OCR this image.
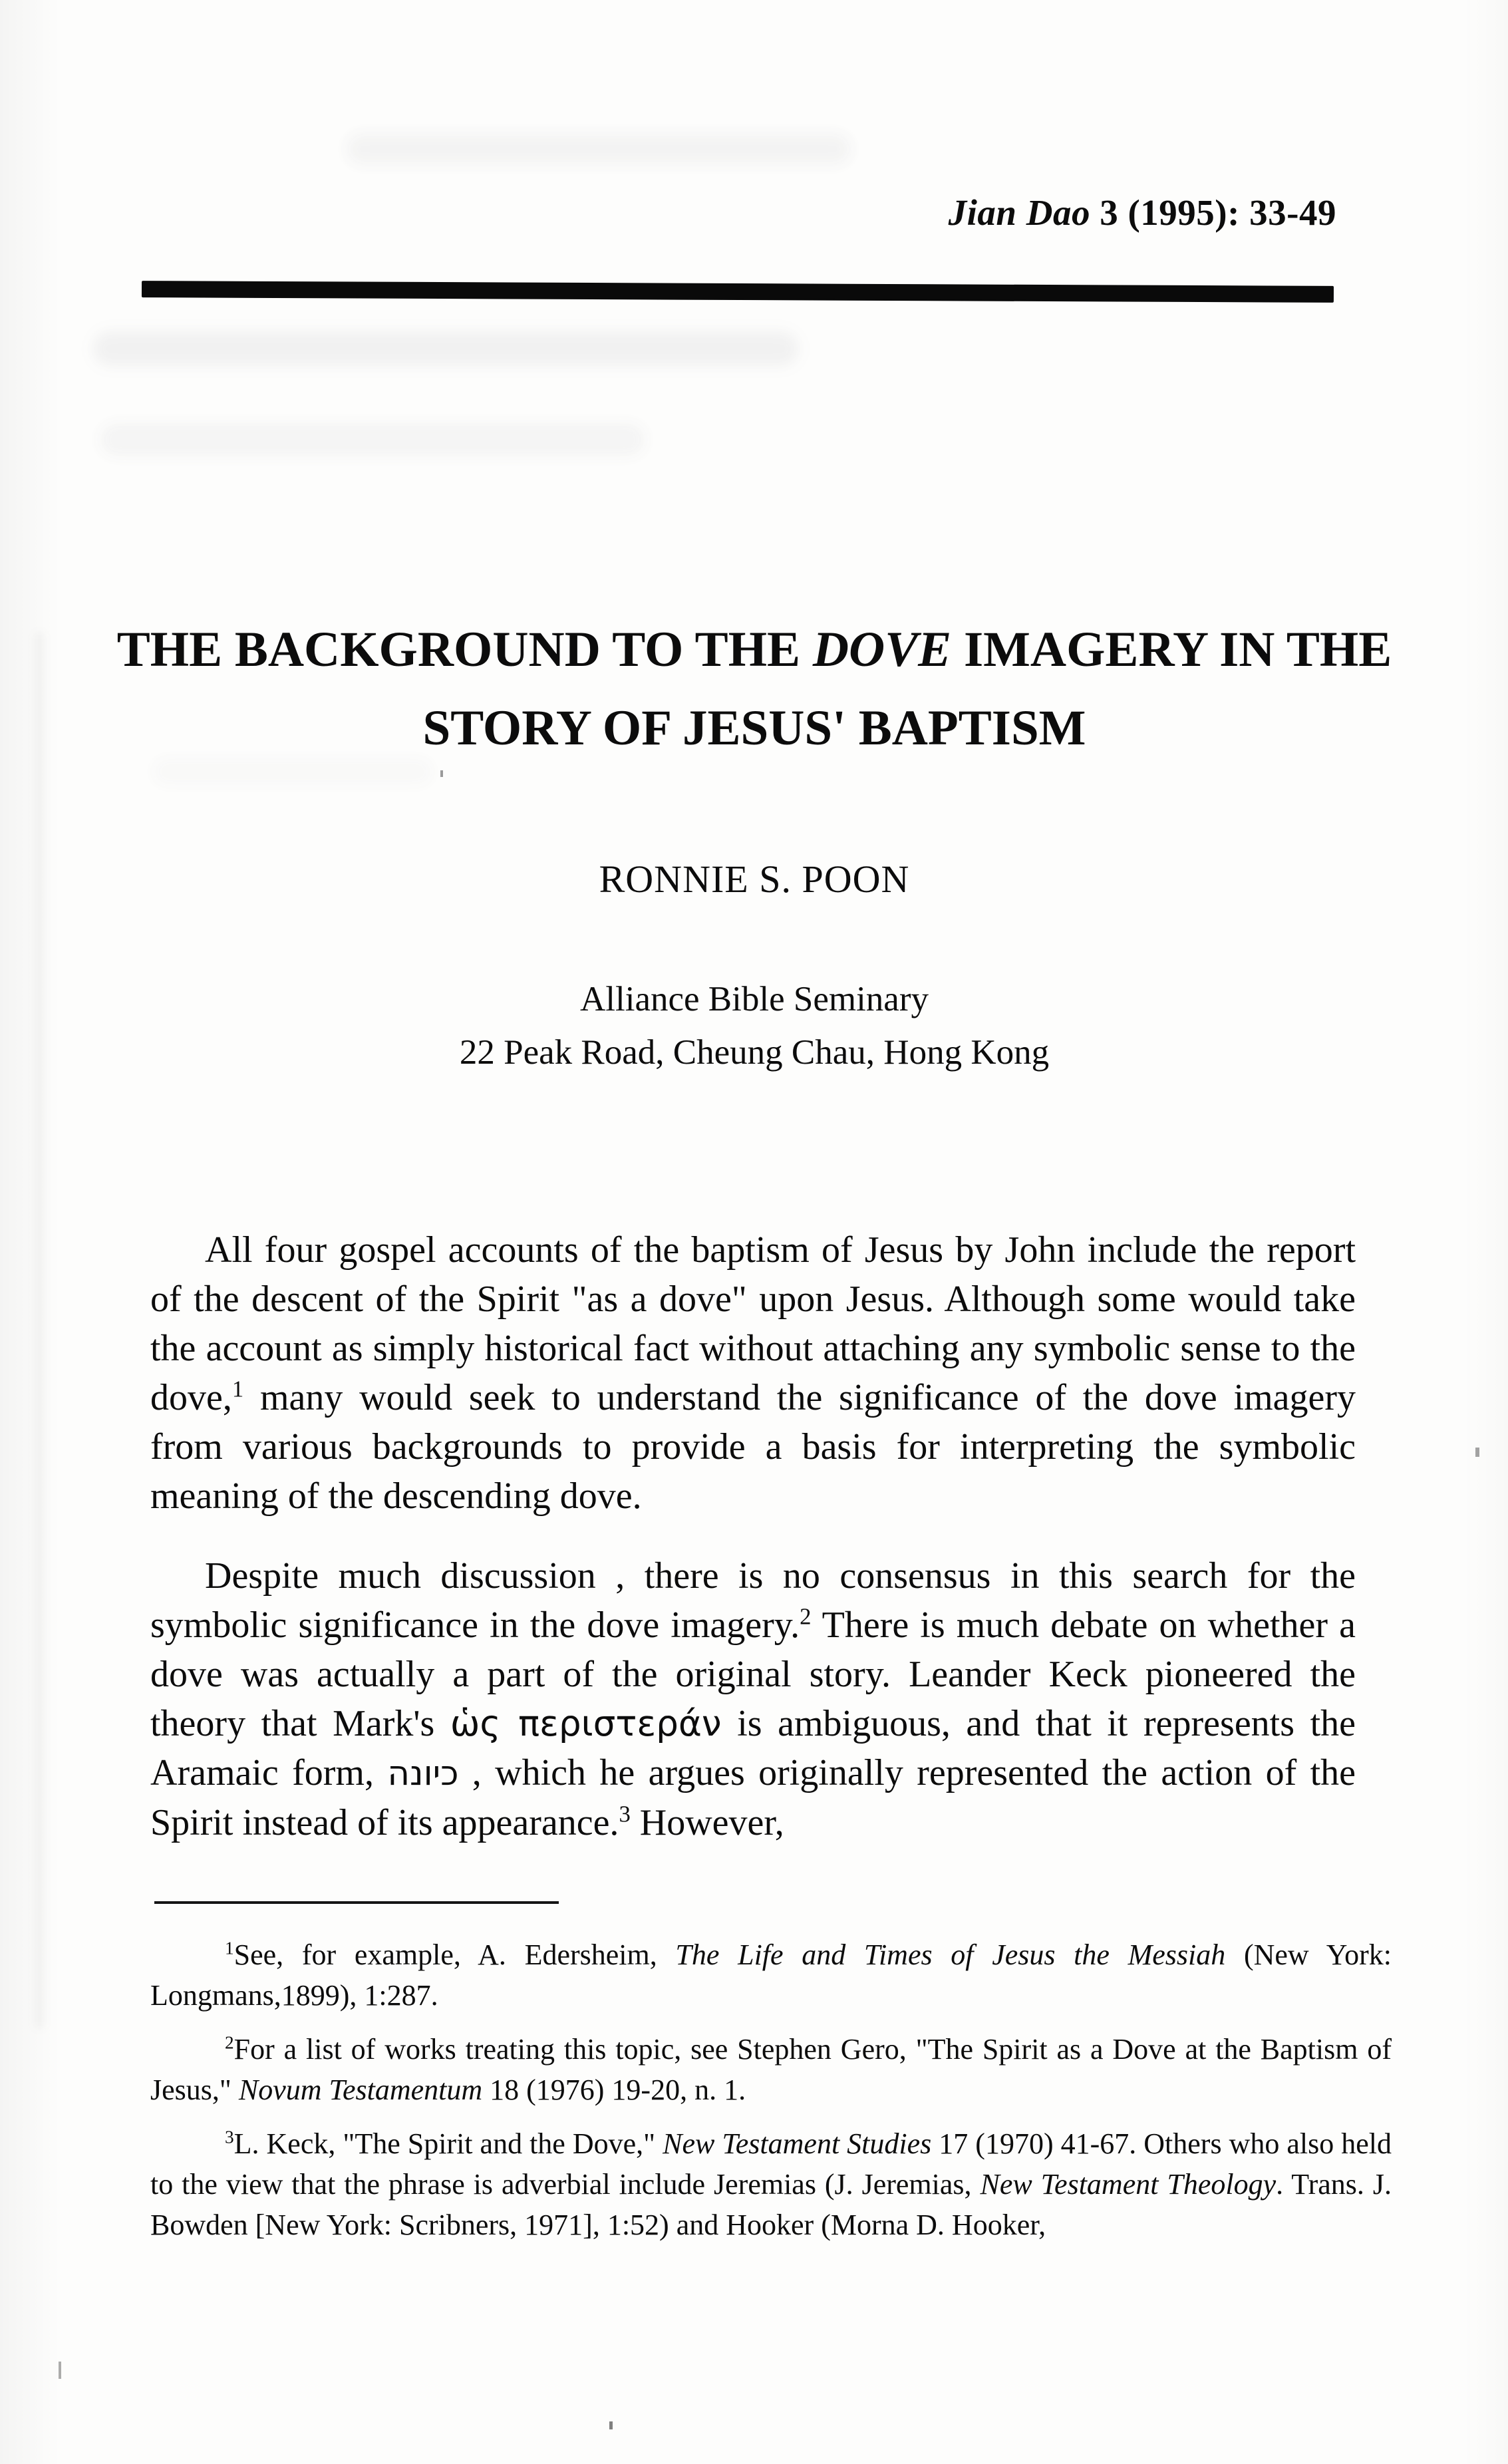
Jian Dao 3 (1995): 33-49
THE BACKGROUND TO THE DOVE IMAGERY IN THE STORY OF JESUS' BAPTISM
RONNIE S. POON
Alliance Bible Seminary
22 Peak Road, Cheung Chau, Hong Kong

All four gospel accounts of the baptism of Jesus by John include the report of the descent of the Spirit "as a dove" upon Jesus. Although some would take the account as simply historical fact without attaching any symbolic sense to the dove,$^1$ many would seek to understand the significance of the dove imagery from various backgrounds to provide a basis for interpreting the symbolic meaning of the descending dove.

Despite much discussion , there is no consensus in this search for the symbolic significance in the dove imagery.$^2$ There is much debate on whether a dove was actually a part of the original story. Leander Keck pioneered the theory that Mark's ὡς περιστεράν is ambiguous, and that it represents the Aramaic form, כיונה , which he argues originally represented the action of the Spirit instead of its appearance.$^3$ However,

$^1$See, for example, A. Edersheim, The Life and Times of Jesus the Messiah (New York: Longmans,1899), 1:287.

$^2$For a list of works treating this topic, see Stephen Gero, "The Spirit as a Dove at the Baptism of Jesus," Novum Testamentum 18 (1976) 19-20, n. 1.

$^3$L. Keck, "The Spirit and the Dove," New Testament Studies 17 (1970) 41-67. Others who also held to the view that the phrase is adverbial include Jeremias (J. Jeremias, New Testament Theology. Trans. J. Bowden [New York: Scribners, 1971], 1:52) and Hooker (Morna D. Hooker,
